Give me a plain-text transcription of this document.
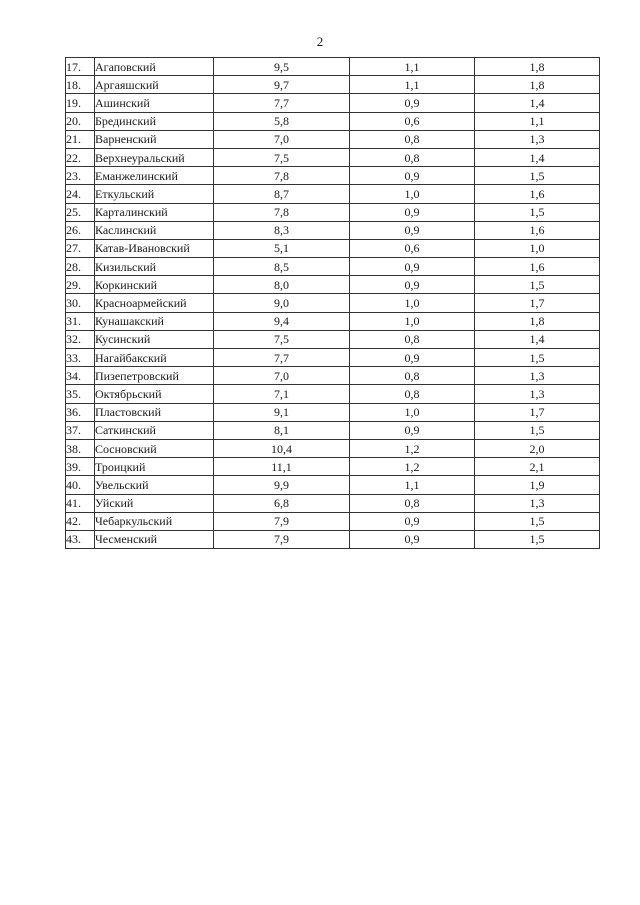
2
17.	Агаповский	9,5	1,1	1,8
18.	Аргаяшский	9,7	1,1	1,8
19.	Ашинский	7,7	0,9	1,4
20.	Брединский	5,8	0,6	1,1
21.	Варненский	7,0	0,8	1,3
22.	Верхнеуральский	7,5	0,8	1,4
23.	Еманжелинский	7,8	0,9	1,5
24.	Еткульский	8,7	1,0	1,6
25.	Карталинский	7,8	0,9	1,5
26.	Каслинский	8,3	0,9	1,6
27.	Катав-Ивановский	5,1	0,6	1,0
28.	Кизильский	8,5	0,9	1,6
29.	Коркинский	8,0	0,9	1,5
30.	Красноармейский	9,0	1,0	1,7
31.	Кунашакский	9,4	1,0	1,8
32.	Кусинский	7,5	0,8	1,4
33.	Нагайбакский	7,7	0,9	1,5
34.	Пизепетровский	7,0	0,8	1,3
35.	Октябрьский	7,1	0,8	1,3
36.	Пластовский	9,1	1,0	1,7
37.	Саткинский	8,1	0,9	1,5
38.	Сосновский	10,4	1,2	2,0
39.	Троицкий	11,1	1,2	2,1
40.	Увельский	9,9	1,1	1,9
41.	Уйский	6,8	0,8	1,3
42.	Чебаркульский	7,9	0,9	1,5
43.	Чесменский	7,9	0,9	1,5
